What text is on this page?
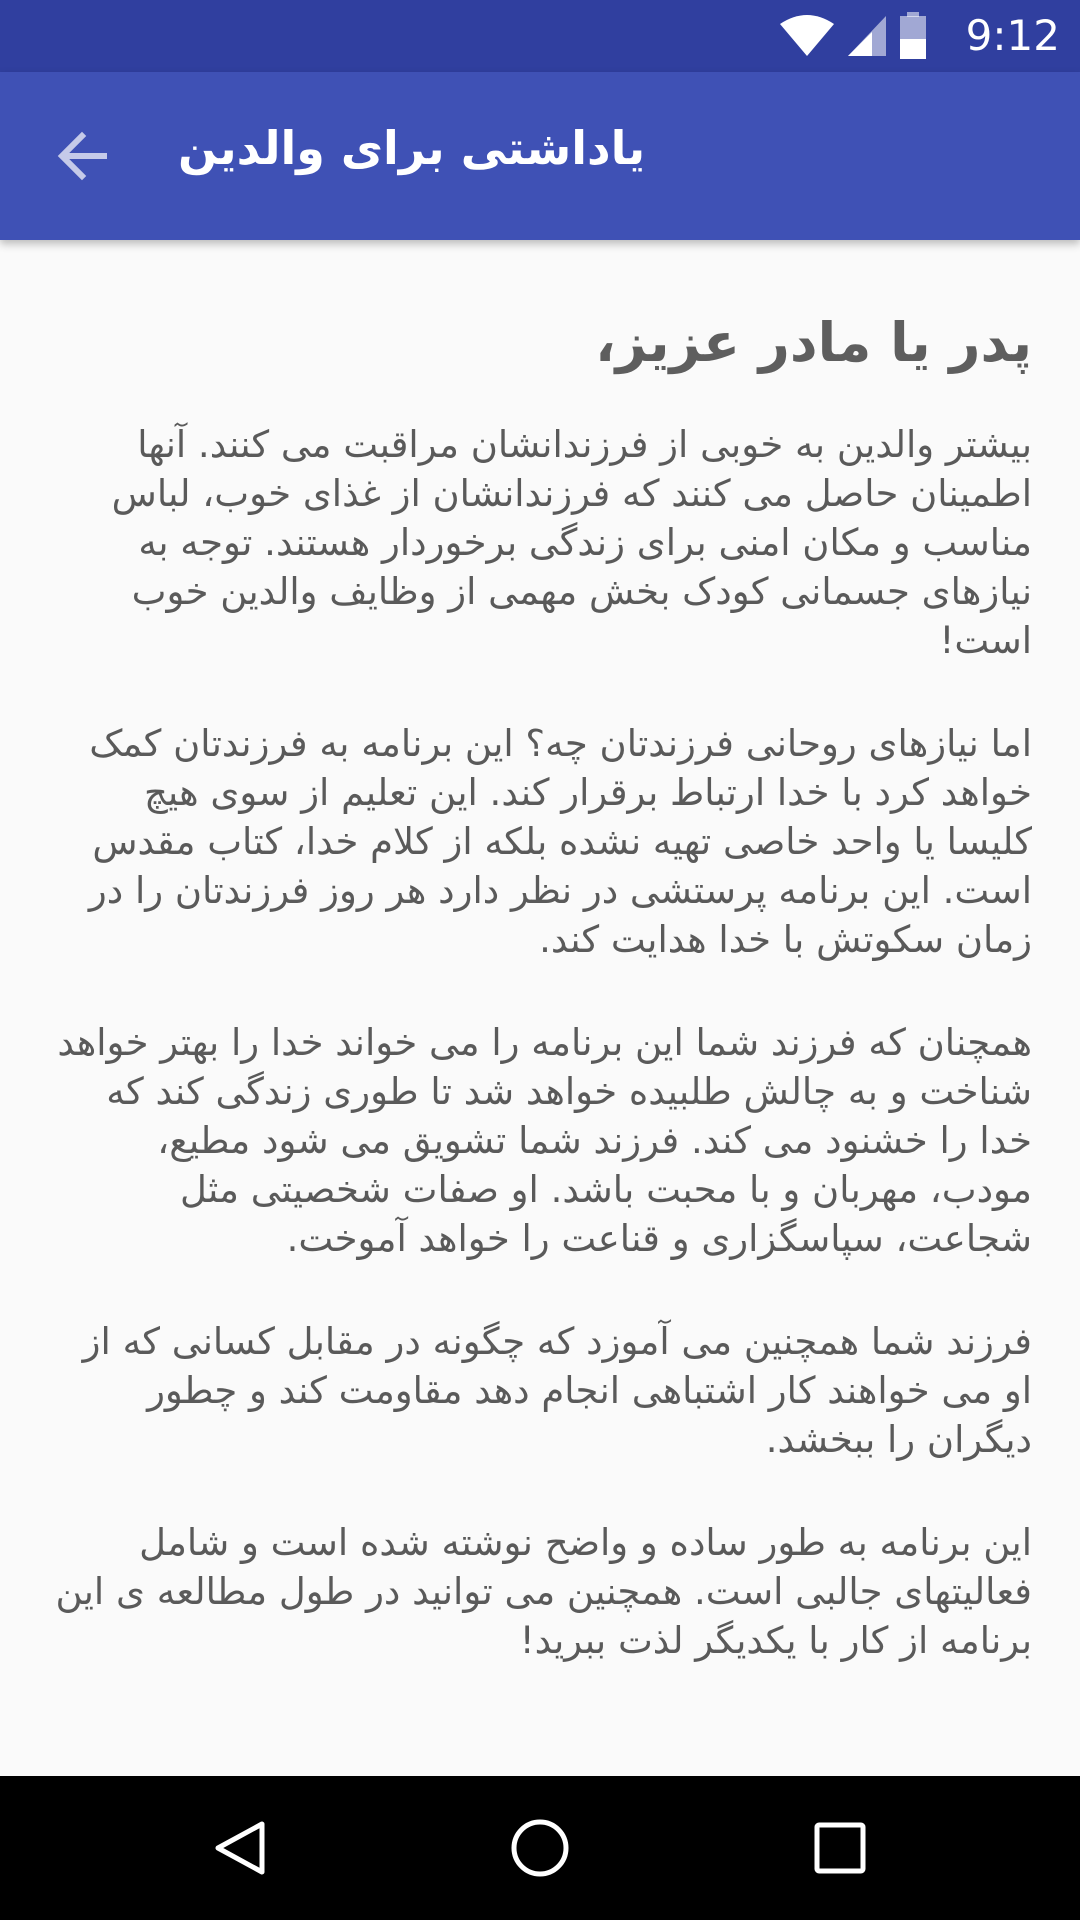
9:12
یاداشتی برای والدین
پدر یا مادر عزیز،

بیشتر والدین به خوبی از فرزندانشان مراقبت می کنند. آنها اطمینان حاصل می کنند که فرزندانشان از غذای خوب، لباس مناسب و مکان امنی برای زندگی برخوردار هستند. توجه به نیازهای جسمانی کودک بخش مهمی از وظایف والدین خوب است!

اما نیازهای روحانی فرزندتان چه؟ این برنامه به فرزندتان کمک خواهد کرد با خدا ارتباط برقرار کند. این تعلیم از سوی هیچ کلیسا یا واحد خاصی تهیه نشده بلکه از کلام خدا، کتاب مقدس است. این برنامه پرستشی در نظر دارد هر روز فرزندتان را در زمان سکوتش با خدا هدایت کند.

همچنان که فرزند شما این برنامه را می خواند خدا را بهتر خواهد شناخت و به چالش طلبیده خواهد شد تا طوری زندگی کند که خدا را خشنود می کند. فرزند شما تشویق می شود مطیع، مودب، مهربان و با محبت باشد. او صفات شخصیتی مثل شجاعت، سپاسگزاری و قناعت را خواهد آموخت.

فرزند شما همچنین می آموزد که چگونه در مقابل کسانی که از او می خواهند کار اشتباهی انجام دهد مقاومت کند و چطور دیگران را ببخشد.

این برنامه به طور ساده و واضح نوشته شده است و شامل فعالیتهای جالبی است. همچنین می توانید در طول مطالعه ی این برنامه از کار با یکدیگر لذت ببرید!
